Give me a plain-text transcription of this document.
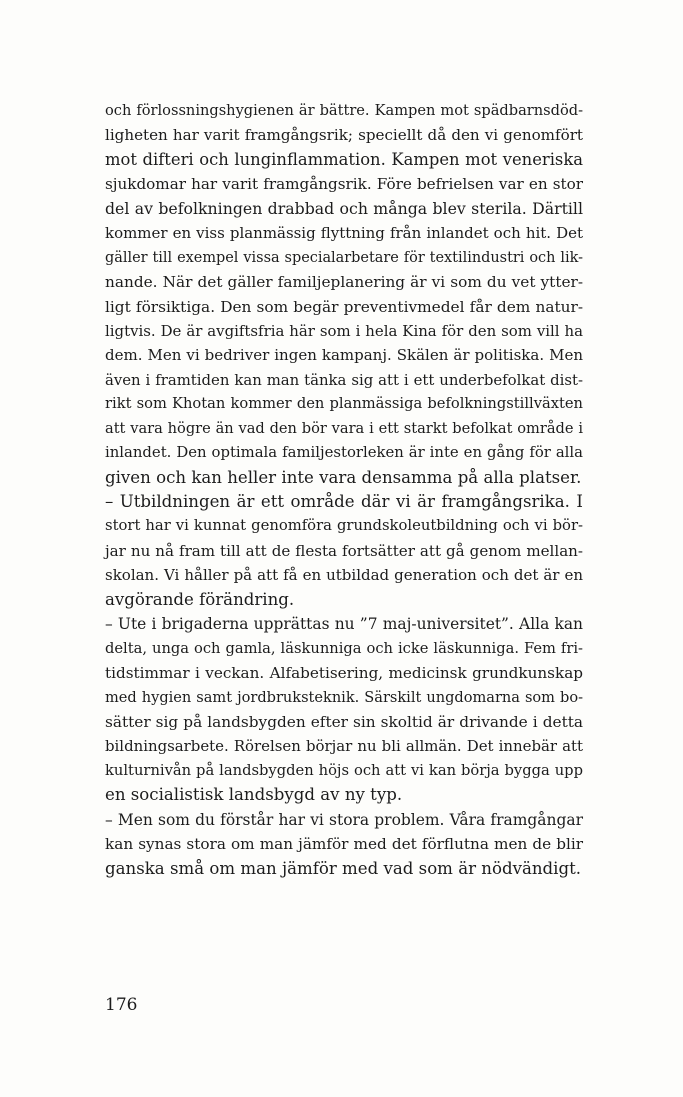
och förlossningshygienen är bättre. Kampen mot spädbarnsdöd-
ligheten har varit framgångsrik; speciellt då den vi genomfört
mot difteri och lunginflammation. Kampen mot veneriska
sjukdomar har varit framgångsrik. Före befrielsen var en stor
del av befolkningen drabbad och många blev sterila. Därtill
kommer en viss planmässig flyttning från inlandet och hit. Det
gäller till exempel vissa specialarbetare för textilindustri och lik-
nande. När det gäller familjeplanering är vi som du vet ytter-
ligt försiktiga. Den som begär preventivmedel får dem natur-
ligtvis. De är avgiftsfria här som i hela Kina för den som vill ha
dem. Men vi bedriver ingen kampanj. Skälen är politiska. Men
även i framtiden kan man tänka sig att i ett underbefolkat dist-
rikt som Khotan kommer den planmässiga befolkningstillväxten
att vara högre än vad den bör vara i ett starkt befolkat område i
inlandet. Den optimala familjestorleken är inte en gång för alla
given och kan heller inte vara densamma på alla platser.
– Utbildningen är ett område där vi är framgångsrika. I
stort har vi kunnat genomföra grundskoleutbildning och vi bör-
jar nu nå fram till att de flesta fortsätter att gå genom mellan-
skolan. Vi håller på att få en utbildad generation och det är en
avgörande förändring.
– Ute i brigaderna upprättas nu ”7 maj-universitet”. Alla kan
delta, unga och gamla, läskunniga och icke läskunniga. Fem fri-
tidstimmar i veckan. Alfabetisering, medicinsk grundkunskap
med hygien samt jordbruksteknik. Särskilt ungdomarna som bo-
sätter sig på landsbygden efter sin skoltid är drivande i detta
bildningsarbete. Rörelsen börjar nu bli allmän. Det innebär att
kulturnivån på landsbygden höjs och att vi kan börja bygga upp
en socialistisk landsbygd av ny typ.
– Men som du förstår har vi stora problem. Våra framgångar
kan synas stora om man jämför med det förflutna men de blir
ganska små om man jämför med vad som är nödvändigt.
176
